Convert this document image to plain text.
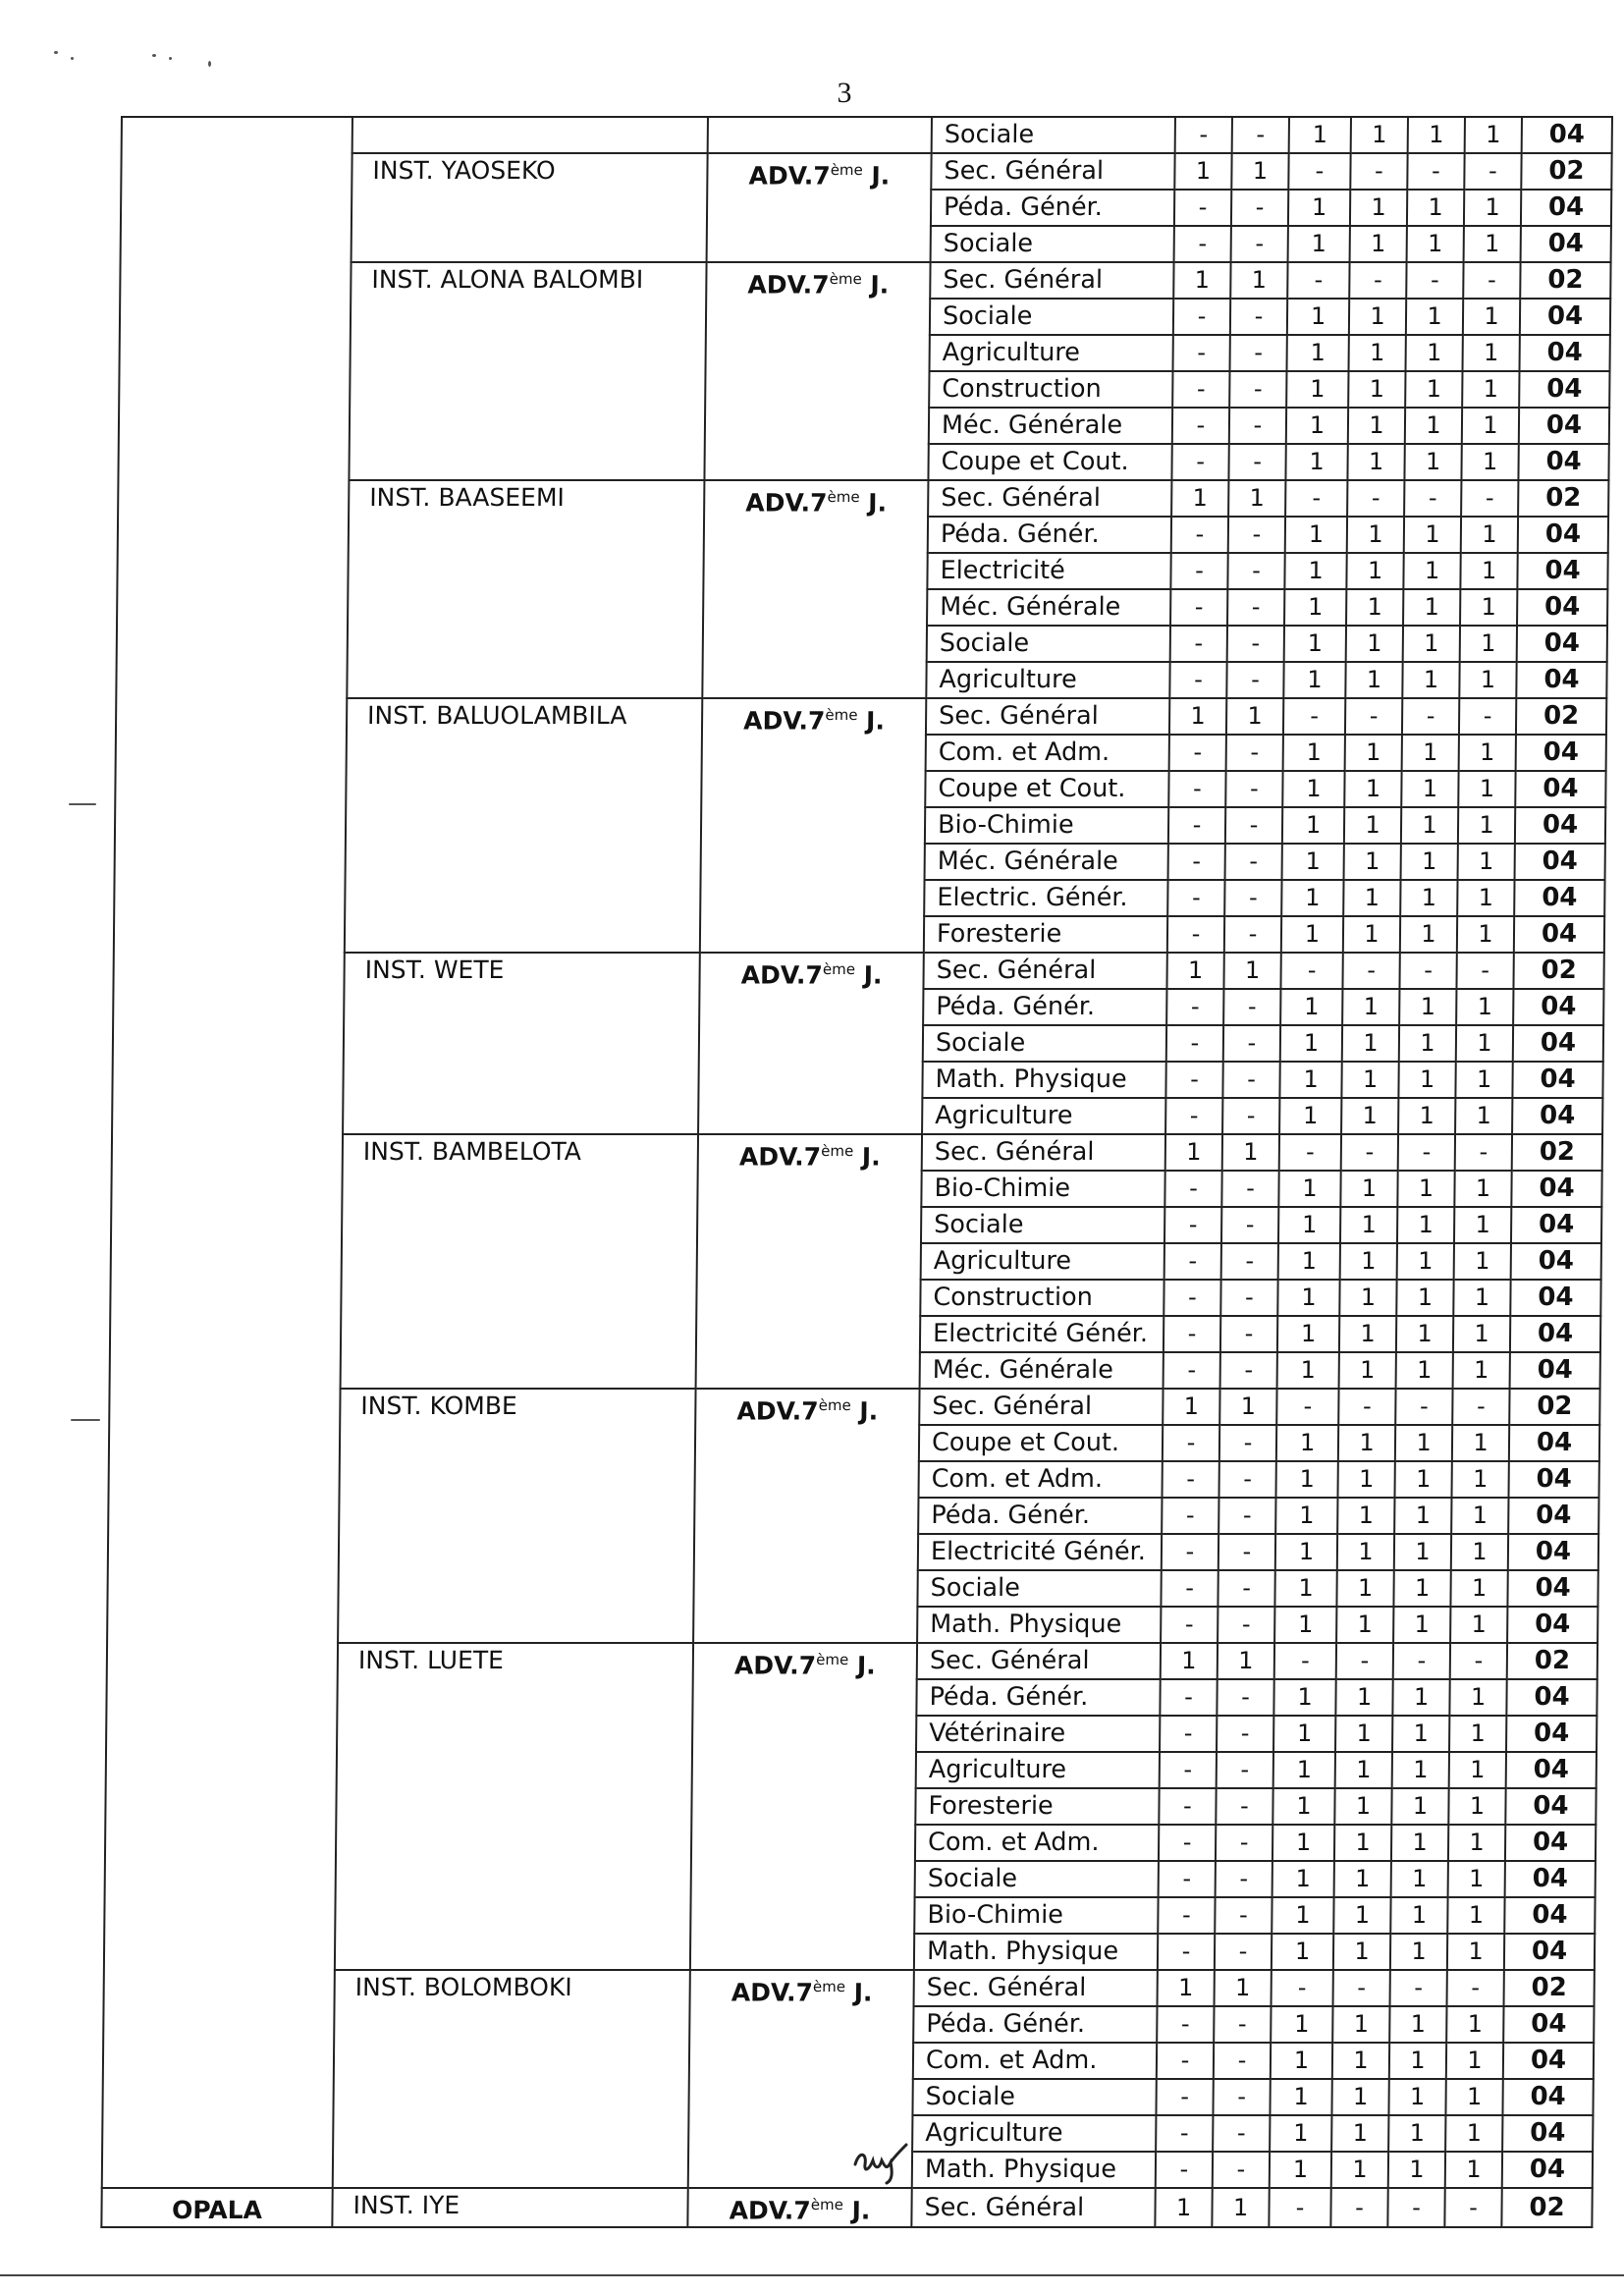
3
			Sociale	-	-	1	1	1	1	04
	INST. YAOSEKO	ADV.7ème J.	Sec. Général	1	1	-	-	-	-	02
			Péda. Génér.	-	-	1	1	1	1	04
			Sociale	-	-	1	1	1	1	04
	INST. ALONA BALOMBI	ADV.7ème J.	Sec. Général	1	1	-	-	-	-	02
			Sociale	-	-	1	1	1	1	04
			Agriculture	-	-	1	1	1	1	04
			Construction	-	-	1	1	1	1	04
			Méc. Générale	-	-	1	1	1	1	04
			Coupe et Cout.	-	-	1	1	1	1	04
	INST. BAASEEMI	ADV.7ème J.	Sec. Général	1	1	-	-	-	-	02
			Péda. Génér.	-	-	1	1	1	1	04
			Electricité	-	-	1	1	1	1	04
			Méc. Générale	-	-	1	1	1	1	04
			Sociale	-	-	1	1	1	1	04
			Agriculture	-	-	1	1	1	1	04
	INST. BALUOLAMBILA	ADV.7ème J.	Sec. Général	1	1	-	-	-	-	02
			Com. et Adm.	-	-	1	1	1	1	04
			Coupe et Cout.	-	-	1	1	1	1	04
			Bio-Chimie	-	-	1	1	1	1	04
			Méc. Générale	-	-	1	1	1	1	04
			Electric. Génér.	-	-	1	1	1	1	04
			Foresterie	-	-	1	1	1	1	04
	INST. WETE	ADV.7ème J.	Sec. Général	1	1	-	-	-	-	02
			Péda. Génér.	-	-	1	1	1	1	04
			Sociale	-	-	1	1	1	1	04
			Math. Physique	-	-	1	1	1	1	04
			Agriculture	-	-	1	1	1	1	04
	INST. BAMBELOTA	ADV.7ème J.	Sec. Général	1	1	-	-	-	-	02
			Bio-Chimie	-	-	1	1	1	1	04
			Sociale	-	-	1	1	1	1	04
			Agriculture	-	-	1	1	1	1	04
			Construction	-	-	1	1	1	1	04
			Electricité Génér.	-	-	1	1	1	1	04
			Méc. Générale	-	-	1	1	1	1	04
	INST. KOMBE	ADV.7ème J.	Sec. Général	1	1	-	-	-	-	02
			Coupe et Cout.	-	-	1	1	1	1	04
			Com. et Adm.	-	-	1	1	1	1	04
			Péda. Génér.	-	-	1	1	1	1	04
			Electricité Génér.	-	-	1	1	1	1	04
			Sociale	-	-	1	1	1	1	04
			Math. Physique	-	-	1	1	1	1	04
	INST. LUETE	ADV.7ème J.	Sec. Général	1	1	-	-	-	-	02
			Péda. Génér.	-	-	1	1	1	1	04
			Vétérinaire	-	-	1	1	1	1	04
			Agriculture	-	-	1	1	1	1	04
			Foresterie	-	-	1	1	1	1	04
			Com. et Adm.	-	-	1	1	1	1	04
			Sociale	-	-	1	1	1	1	04
			Bio-Chimie	-	-	1	1	1	1	04
			Math. Physique	-	-	1	1	1	1	04
	INST. BOLOMBOKI	ADV.7ème J.	Sec. Général	1	1	-	-	-	-	02
			Péda. Génér.	-	-	1	1	1	1	04
			Com. et Adm.	-	-	1	1	1	1	04
			Sociale	-	-	1	1	1	1	04
			Agriculture	-	-	1	1	1	1	04
			Math. Physique	-	-	1	1	1	1	04
OPALA	INST. IYE	ADV.7ème J.	Sec. Général	1	1	-	-	-	-	02
